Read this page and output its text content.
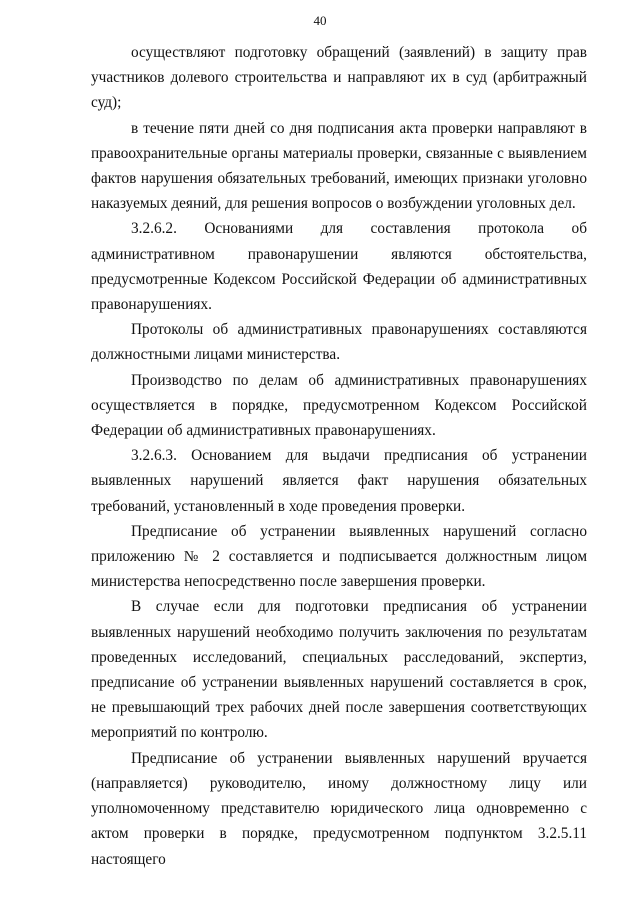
40

осуществляют подготовку обращений (заявлений) в защиту прав участников долевого строительства и направляют их в суд (арбитражный суд);

в течение пяти дней со дня подписания акта проверки направляют в правоохранительные органы материалы проверки, связанные с выявлением фактов нарушения обязательных требований, имеющих признаки уголовно наказуемых деяний, для решения вопросов о возбуждении уголовных дел.

3.2.6.2. Основаниями для составления протокола об административном правонарушении являются обстоятельства, предусмотренные Кодексом Российской Федерации об административных правонарушениях.

Протоколы об административных правонарушениях составляются должностными лицами министерства.

Производство по делам об административных правонарушениях осуществляется в порядке, предусмотренном Кодексом Российской Федерации об административных правонарушениях.

3.2.6.3. Основанием для выдачи предписания об устранении выявленных нарушений является факт нарушения обязательных требований, установленный в ходе проведения проверки.

Предписание об устранении выявленных нарушений согласно приложению № 2 составляется и подписывается должностным лицом министерства непосредственно после завершения проверки.

В случае если для подготовки предписания об устранении выявленных нарушений необходимо получить заключения по результатам проведенных исследований, специальных расследований, экспертиз, предписание об устранении выявленных нарушений составляется в срок, не превышающий трех рабочих дней после завершения соответствующих мероприятий по контролю.

Предписание об устранении выявленных нарушений вручается (направляется) руководителю, иному должностному лицу или уполномоченному представителю юридического лица одновременно с актом проверки в порядке, предусмотренном подпунктом 3.2.5.11 настоящего
